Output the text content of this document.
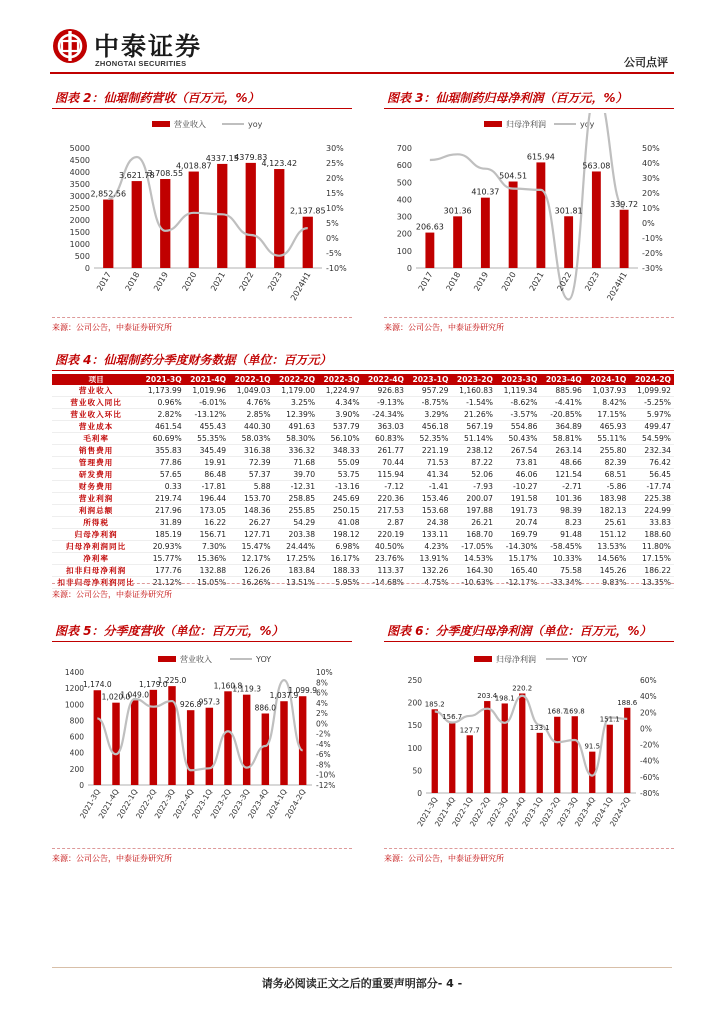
中泰证券
ZHONGTAI SECURITIES	公司点评
图表 2：仙琚制药营收（百万元，%）
营业收入	yoy
0
500
1000
1500
2000
2500
3000
3500
4000
4500
5000
-10%
-5%
0%
5%
10%
15%
20%
25%
30%
2,852.56
3,621.78
3,708.55
4,018.87
4337.15
4379.83
4,123.42
2,137.85
2017 2018 2019 2020 2021 2022 2023 2024H1
来源：公司公告，中泰证券研究所
图表 3：仙琚制药归母净利润（百万元，%）
归母净利润	yoy
0
100
200
300
400
500
600
700
-30%
-20%
-10%
0%
10%
20%
30%
40%
50%
206.63
301.36
410.37
504.51
615.94
301.81
563.08
339.72
2017 2018 2019 2020 2021 2022 2023 2024H1
来源：公司公告，中泰证券研究所
图表 4：仙琚制药分季度财务数据（单位：百万元）
项目	2021-3Q	2021-4Q	2022-1Q	2022-2Q	2022-3Q	2022-4Q	2023-1Q	2023-2Q	2023-3Q	2023-4Q	2024-1Q	2024-2Q
营业收入	1,173.99	1,019.96	1,049.03	1,179.00	1,224.97	926.83	957.29	1,160.83	1,119.34	885.96	1,037.93	1,099.92
营业收入同比	0.96%	-6.01%	4.76%	3.25%	4.34%	-9.13%	-8.75%	-1.54%	-8.62%	-4.41%	8.42%	-5.25%
营业收入环比	2.82%	-13.12%	2.85%	12.39%	3.90%	-24.34%	3.29%	21.26%	-3.57%	-20.85%	17.15%	5.97%
营业成本	461.54	455.43	440.30	491.63	537.79	363.03	456.18	567.19	554.86	364.89	465.93	499.47
毛利率	60.69%	55.35%	58.03%	58.30%	56.10%	60.83%	52.35%	51.14%	50.43%	58.81%	55.11%	54.59%
销售费用	355.83	345.49	316.38	336.32	348.33	261.77	221.19	238.12	267.54	263.14	255.80	232.34
管理费用	77.86	19.91	72.39	71.68	55.09	70.44	71.53	87.22	73.81	48.66	82.39	76.42
研发费用	57.65	86.48	57.37	39.70	53.75	115.94	41.34	52.06	46.06	121.54	68.51	56.45
财务费用	0.33	-17.81	5.88	-12.31	-13.16	-7.12	-1.41	-7.93	-10.27	-2.71	-5.86	-17.74
营业利润	219.74	196.44	153.70	258.85	245.69	220.36	153.46	200.07	191.58	101.36	183.98	225.38
利润总额	217.96	173.05	148.36	255.85	250.15	217.53	153.68	197.88	191.73	98.39	182.13	224.99
所得税	31.89	16.22	26.27	54.29	41.08	2.87	24.38	26.21	20.74	8.23	25.61	33.83
归母净利润	185.19	156.71	127.71	203.38	198.12	220.19	133.11	168.70	169.79	91.48	151.12	188.60
归母净利润同比	20.93%	7.30%	15.47%	24.44%	6.98%	40.50%	4.23%	-17.05%	-14.30%	-58.45%	13.53%	11.80%
净利率	15.77%	15.36%	12.17%	17.25%	16.17%	23.76%	13.91%	14.53%	15.17%	10.33%	14.56%	17.15%
扣非归母净利润	177.76	132.88	126.26	183.84	188.33	113.37	132.26	164.30	165.40	75.58	145.26	186.22
扣非归母净利润同比	21.12%	15.05%	16.26%	13.51%	5.95%	-14.68%	4.75%	-10.63%	-12.17%	-33.34%	9.83%	13.35%
来源：公司公告，中泰证券研究所
图表 5：分季度营收（单位：百万元，%）
营业收入	YOY
0
200
400
600
800
1000
1200
1400
-12%
-10%
-8%
-6%
-4%
-2%
0%
2%
4%
6%
8%
10%
1,174.0
1,020.0
1,049.0
1,179.0
1,225.0
926.8
957.3
1,160.8
1,119.3
886.0
1,037.9
1,099.9
2021-3Q
2021-4Q
2022-1Q
2022-2Q
2022-3Q
2022-4Q
2023-1Q
2023-2Q
2023-3Q
2023-4Q
2024-1Q
2024-2Q
来源：公司公告，中泰证券研究所
图表 6：分季度归母净利润（单位：百万元，%）
归母净利润	YOY
0
50
100
150
200
250
-80%
-60%
-40%
-20%
0%
20%
40%
60%
185.2
156.7
127.7
203.4
198.1
220.2
133.1
168.7
169.8
91.5
151.1
188.6
2021-3Q
2021-4Q
2022-1Q
2022-2Q
2022-3Q
2022-4Q
2023-1Q
2023-2Q
2023-3Q
2023-4Q
2024-1Q
2024-2Q
来源：公司公告，中泰证券研究所
请务必阅读正文之后的重要声明部分- 4 -
